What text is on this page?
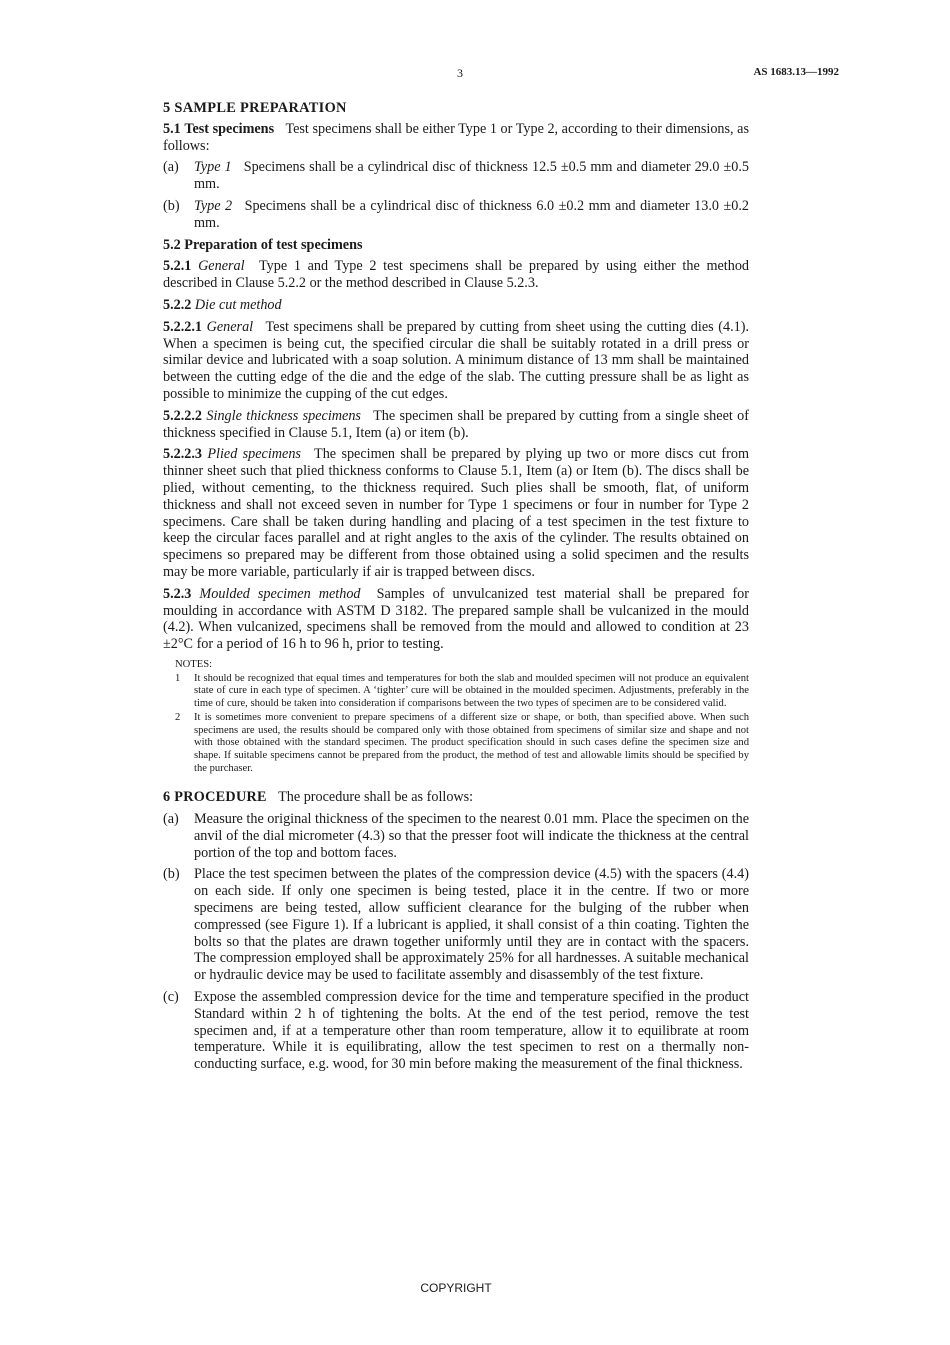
3	AS 1683.13—1992
5 SAMPLE PREPARATION

5.1 Test specimens Test specimens shall be either Type 1 or Type 2, according to their dimensions, as follows:

(a) Type 1 Specimens shall be a cylindrical disc of thickness 12.5 ±0.5 mm and diameter 29.0 ±0.5 mm.
(b) Type 2 Specimens shall be a cylindrical disc of thickness 6.0 ±0.2 mm and diameter 13.0 ±0.2 mm.

5.2 Preparation of test specimens

5.2.1 General Type 1 and Type 2 test specimens shall be prepared by using either the method described in Clause 5.2.2 or the method described in Clause 5.2.3.

5.2.2 Die cut method

5.2.2.1 General Test specimens shall be prepared by cutting from sheet using the cutting dies (4.1). When a specimen is being cut, the specified circular die shall be suitably rotated in a drill press or similar device and lubricated with a soap solution. A minimum distance of 13 mm shall be maintained between the cutting edge of the die and the edge of the slab. The cutting pressure shall be as light as possible to minimize the cupping of the cut edges.

5.2.2.2 Single thickness specimens The specimen shall be prepared by cutting from a single sheet of thickness specified in Clause 5.1, Item (a) or item (b).

5.2.2.3 Plied specimens The specimen shall be prepared by plying up two or more discs cut from thinner sheet such that plied thickness conforms to Clause 5.1, Item (a) or Item (b). The discs shall be plied, without cementing, to the thickness required. Such plies shall be smooth, flat, of uniform thickness and shall not exceed seven in number for Type 1 specimens or four in number for Type 2 specimens. Care shall be taken during handling and placing of a test specimen in the test fixture to keep the circular faces parallel and at right angles to the axis of the cylinder. The results obtained on specimens so prepared may be different from those obtained using a solid specimen and the results may be more variable, particularly if air is trapped between discs.

5.2.3 Moulded specimen method Samples of unvulcanized test material shall be prepared for moulding in accordance with ASTM D 3182. The prepared sample shall be vulcanized in the mould (4.2). When vulcanized, specimens shall be removed from the mould and allowed to condition at 23 ±2°C for a period of 16 h to 96 h, prior to testing.

NOTES:
1 It should be recognized that equal times and temperatures for both the slab and moulded specimen will not produce an equivalent state of cure in each type of specimen. A ‘tighter’ cure will be obtained in the moulded specimen. Adjustments, preferably in the time of cure, should be taken into consideration if comparisons between the two types of specimen are to be considered valid.
2 It is sometimes more convenient to prepare specimens of a different size or shape, or both, than specified above. When such specimens are used, the results should be compared only with those obtained from specimens of similar size and shape and not with those obtained with the standard specimen. The product specification should in such cases define the specimen size and shape. If suitable specimens cannot be prepared from the product, the method of test and allowable limits should be specified by the purchaser.

6 PROCEDURE The procedure shall be as follows:

(a) Measure the original thickness of the specimen to the nearest 0.01 mm. Place the specimen on the anvil of the dial micrometer (4.3) so that the presser foot will indicate the thickness at the central portion of the top and bottom faces.
(b) Place the test specimen between the plates of the compression device (4.5) with the spacers (4.4) on each side. If only one specimen is being tested, place it in the centre. If two or more specimens are being tested, allow sufficient clearance for the bulging of the rubber when compressed (see Figure 1). If a lubricant is applied, it shall consist of a thin coating. Tighten the bolts so that the plates are drawn together uniformly until they are in contact with the spacers. The compression employed shall be approximately 25% for all hardnesses. A suitable mechanical or hydraulic device may be used to facilitate assembly and disassembly of the test fixture.
(c) Expose the assembled compression device for the time and temperature specified in the product Standard within 2 h of tightening the bolts. At the end of the test period, remove the test specimen and, if at a temperature other than room temperature, allow it to equilibrate at room temperature. While it is equilibrating, allow the test specimen to rest on a thermally non-conducting surface, e.g. wood, for 30 min before making the measurement of the final thickness.
COPYRIGHT
